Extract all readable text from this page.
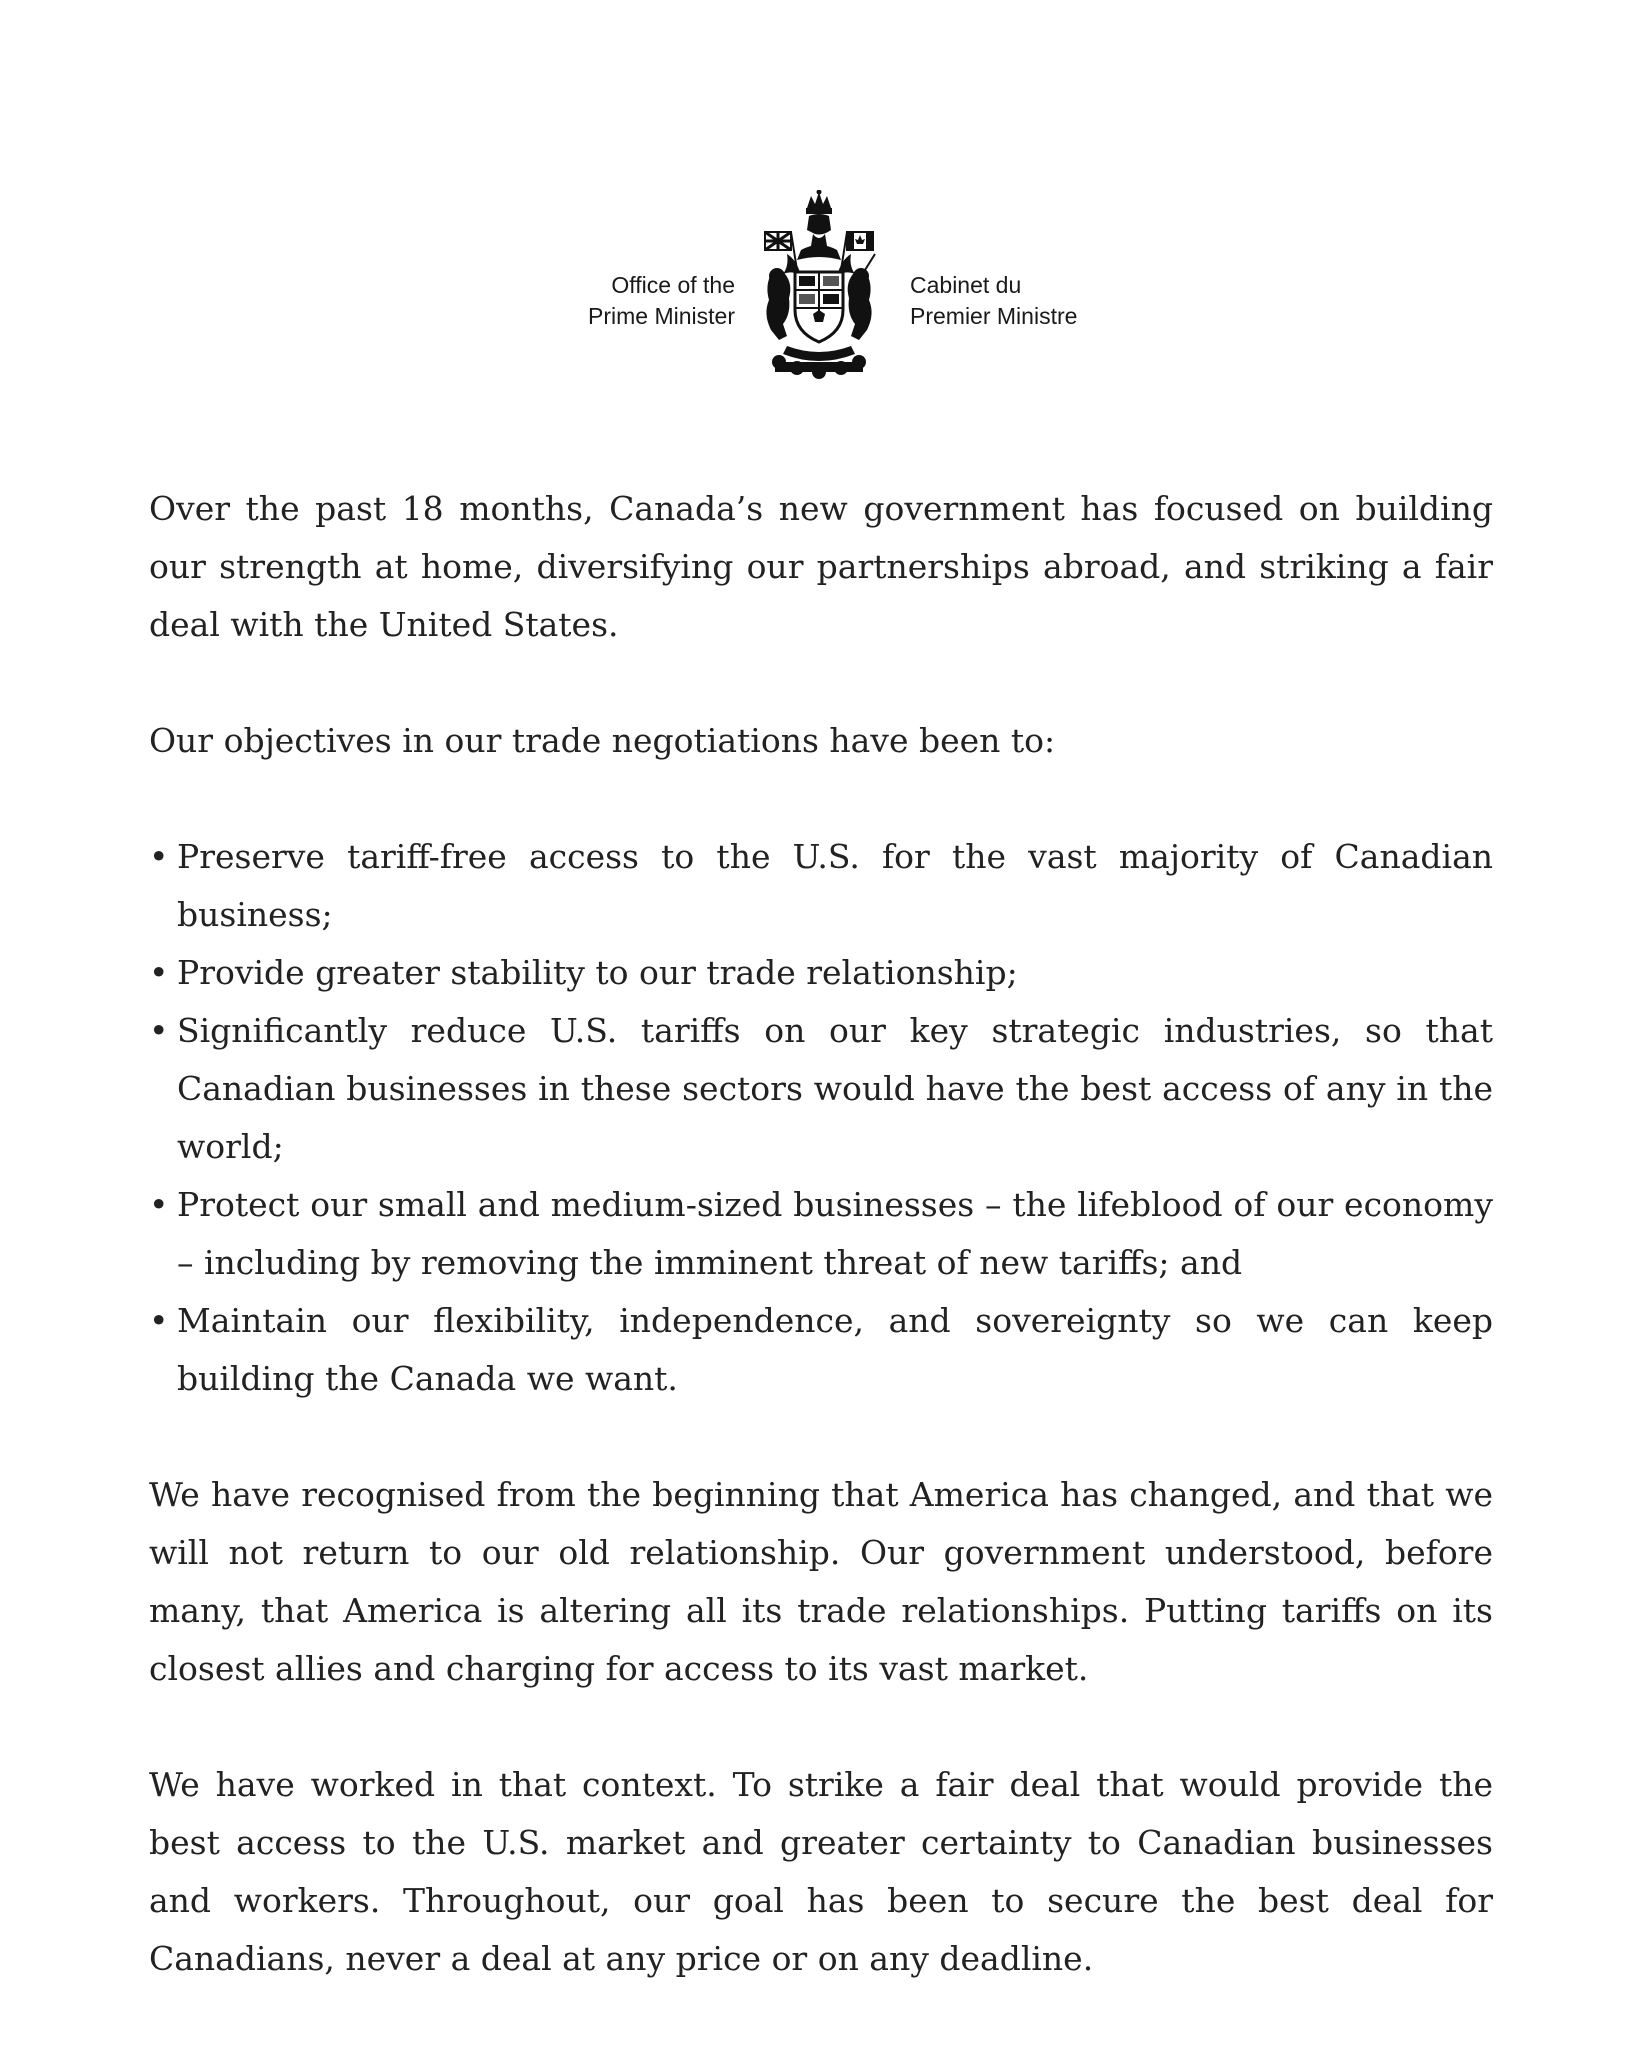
Office of the
Prime Minister
Cabinet du
Premier Ministre

Over the past 18 months, Canada’s new government has focused on building our strength at home, diversifying our partnerships abroad, and striking a fair deal with the United States.

Our objectives in our trade negotiations have been to:

• Preserve tariff-free access to the U.S. for the vast majority of Canadian business;
• Provide greater stability to our trade relationship;
• Significantly reduce U.S. tariffs on our key strategic industries, so that Canadian businesses in these sectors would have the best access of any in the world;
• Protect our small and medium-sized businesses – the lifeblood of our economy – including by removing the imminent threat of new tariffs; and
• Maintain our flexibility, independence, and sovereignty so we can keep building the Canada we want.

We have recognised from the beginning that America has changed, and that we will not return to our old relationship. Our government understood, before many, that America is altering all its trade relationships. Putting tariffs on its closest allies and charging for access to its vast market.

We have worked in that context. To strike a fair deal that would provide the best access to the U.S. market and greater certainty to Canadian businesses and workers. Throughout, our goal has been to secure the best deal for Canadians, never a deal at any price or on any deadline.
